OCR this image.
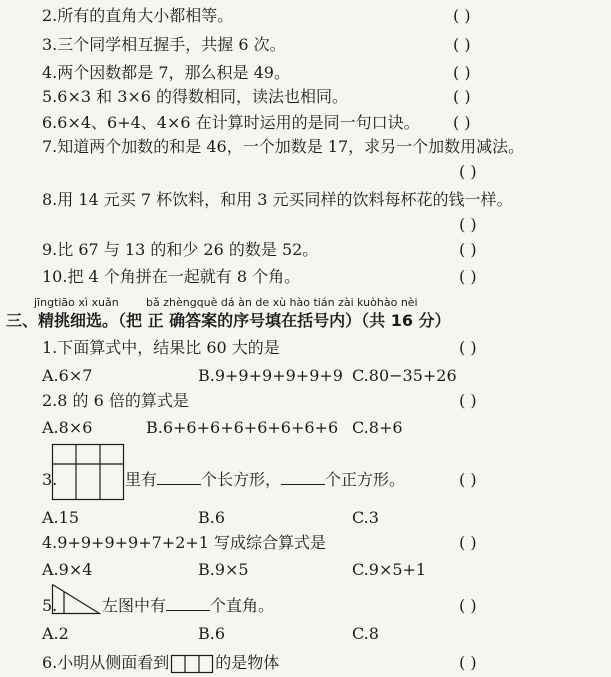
2.所有的直角大小都相等。	( )
3.三个同学相互握手，共握 6 次。	( )
4.两个因数都是 7，那么积是 49。	( )
5.6×3 和 3×6 的得数相同，读法也相同。	( )
6.6×4、6+4、4×6 在计算时运用的是同一句口诀。 ( )
7.知道两个加数的和是 46，一个加数是 17，求另一个加数用减法。
( )
8.用 14 元买 7 杯饮料，和用 3 元买同样的饮料每杯花的钱一样。
( )
9.比 67 与 13 的和少 26 的数是 52。	( )
10.把 4 个角拼在一起就有 8 个角。	( )
jīngtiāo xì xuǎn bǎ zhèngquè dá àn de xù hào tián zài kuòhào nèi
三、精挑细选。（把 正 确答案的序号填在括号内）（共 16 分）
1.下面算式中，结果比 60 大的是	( )
A.6×7	B.9+9+9+9+9+9 C.80−35+26
2.8 的 6 倍的算式是	( )
A.8×6	B.6+6+6+6+6+6+6+6 C.8+6
3.	里有	个长方形，	个正方形。	( )
A.15	B.6	C.3
4.9+9+9+9+7+2+1 写成综合算式是	( )
A.9×4	B.9×5	C.9×5+1
5.	左图中有	个直角。	( )
A.2	B.6	C.8
6.小明从侧面看到	的是物体	( )
